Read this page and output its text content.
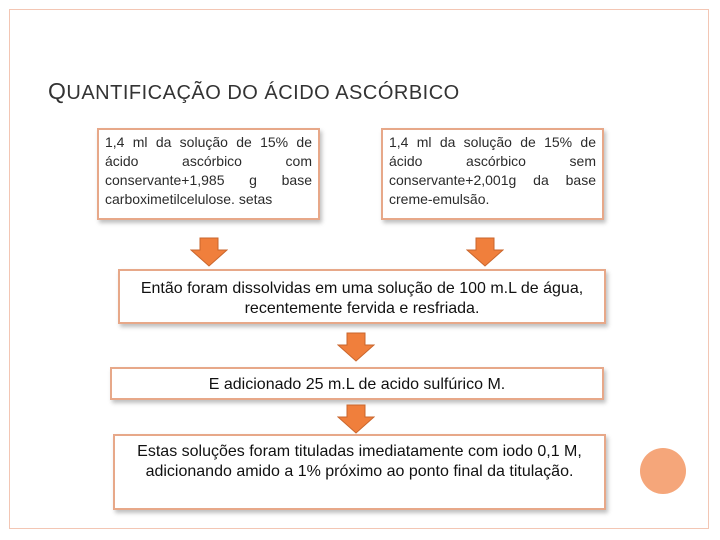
QUANTIFICAÇÃO DO ÁCIDO ASCÓRBICO
1,4 ml da solução de 15% de ácido ascórbico com conservante+1,985 g base carboximetilcelulose. setas
1,4 ml da solução de 15% de ácido ascórbico sem conservante+2,001g da base creme-emulsão.
Então foram dissolvidas em uma solução de 100 m.L de água, recentemente fervida e resfriada.
E adicionado 25 m.L de acido sulfúrico M.
Estas soluções foram tituladas imediatamente com iodo 0,1 M, adicionando amido a 1% próximo ao ponto final da titulação.
